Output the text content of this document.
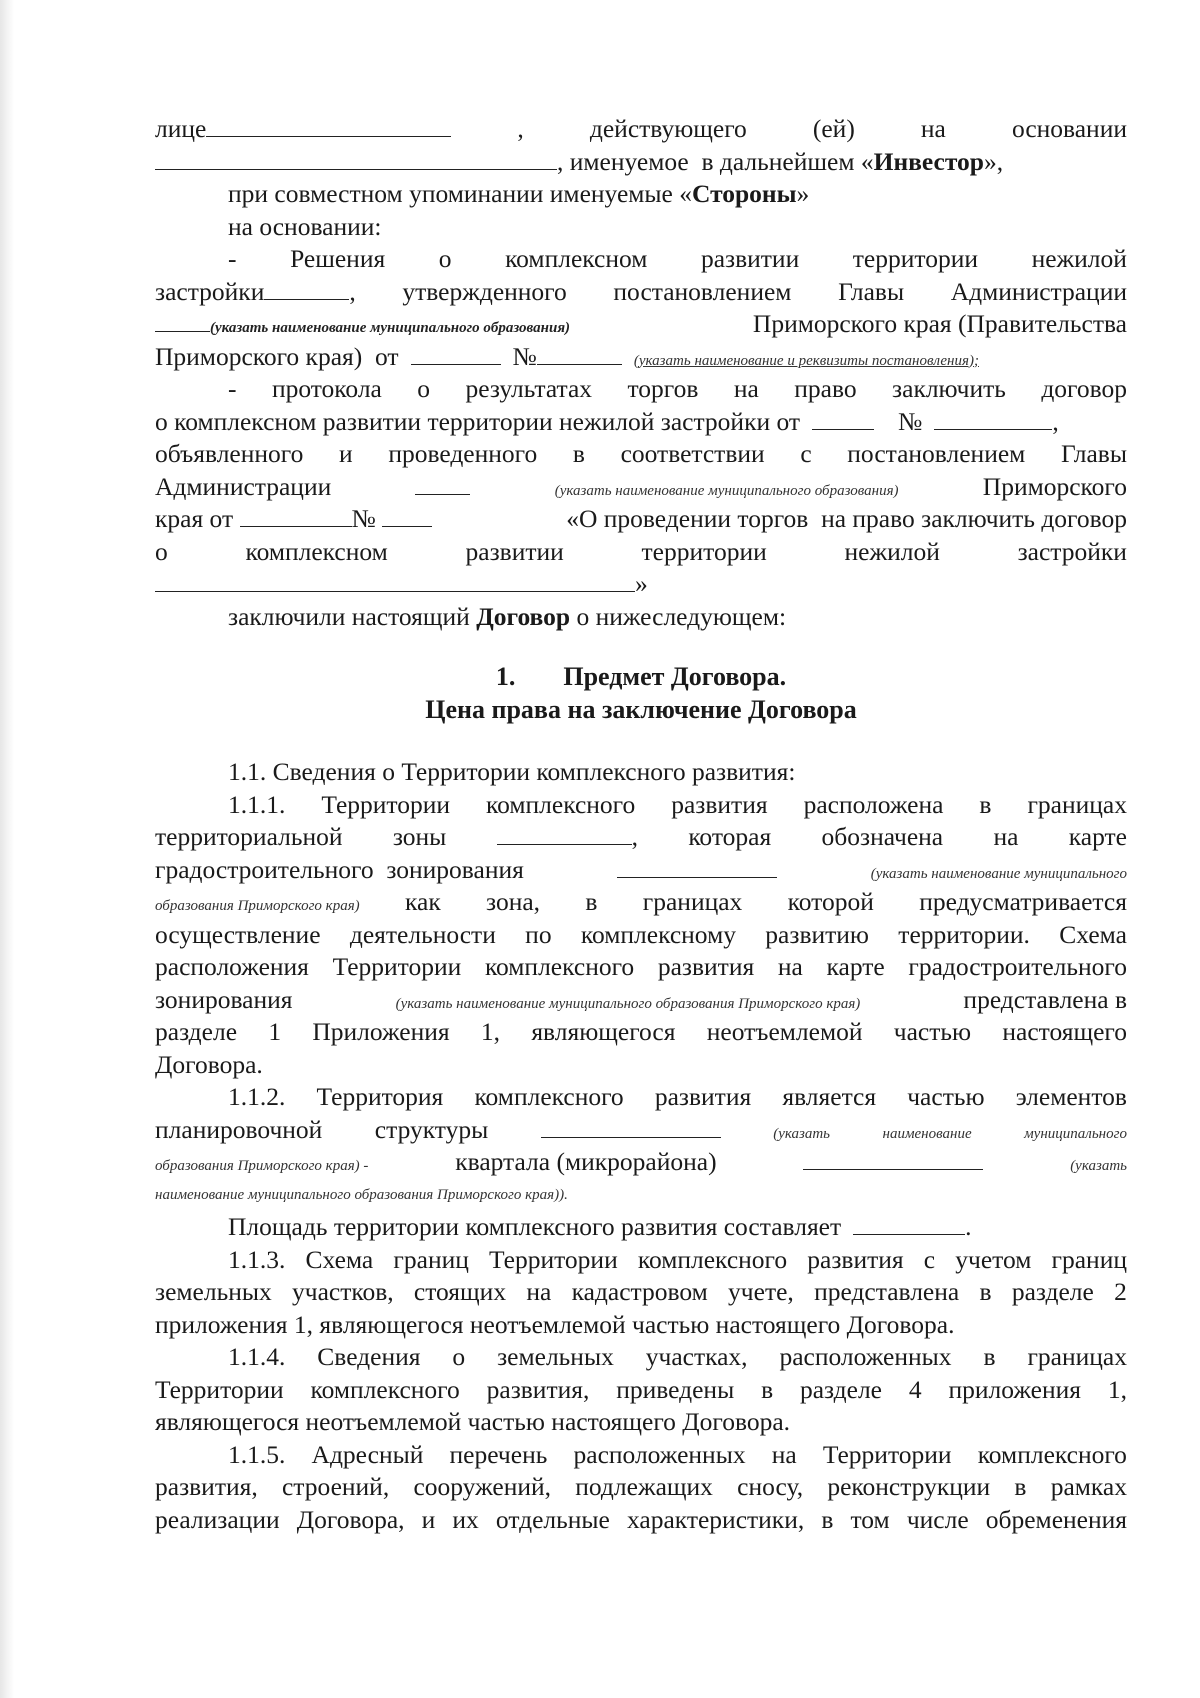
лице	,	действующего	(ей)	на	основании
, именуемое  в дальнейшем « Инвестор »,
при совместном упоминании именуемые « Стороны »
на основании:
- Решения о комплексном развитии территории нежилой
застройки	, утвержденного постановлением Главы Администрации
(указать наименование муниципального образования)	Приморского края (Правительства
Приморского края)  от	№	(указать наименование и реквизиты постановления);
- протокола о результатах торгов на право заключить договор
о комплексном развитии территории нежилой застройки от	№	,
объявленного и проведенного в соответствии с постановлением Главы
Администрации	(указать наименование муниципального образования)	Приморского
края от	№	«О проведении торгов  на право заключить договор
о	комплексном	развитии	территории	нежилой	застройки
»
заключили настоящий Договор о нижеследующем:
1. Предмет Договора.
Цена права на заключение Договора
1.1. Сведения о Территории комплексного развития:
1.1.1. Территории комплексного развития расположена в границах
территориальной зоны	, которая обозначена на карте
градостроительного  зонирования	(указать наименование муниципального
образования Приморского края) как зона, в границах которой предусматривается
осуществление деятельности по комплексному развитию территории. Схема
расположения Территории комплексного развития на карте градостроительного
зонирования	(указать наименование муниципального образования Приморского края)	представлена в
разделе 1 Приложения 1, являющегося неотъемлемой частью настоящего
Договора.
1.1.2. Территория комплексного развития является частью элементов
планировочной структуры	(указать	наименование	муниципального
образования Приморского края) -	квартала (микрорайона)	(указать
наименование муниципального образования Приморского края)).
Площадь территории комплексного развития составляет	.
1.1.3. Схема границ Территории комплексного развития с учетом границ
земельных участков, стоящих на кадастровом учете, представлена в разделе 2
приложения 1, являющегося неотъемлемой частью настоящего Договора.
1.1.4. Сведения о земельных участках, расположенных в границах
Территории комплексного развития, приведены в разделе 4 приложения 1,
являющегося неотъемлемой частью настоящего Договора.
1.1.5. Адресный перечень расположенных на Территории комплексного
развития, строений, сооружений, подлежащих сносу, реконструкции в рамках
реализации Договора, и их отдельные характеристики, в том числе обременения
